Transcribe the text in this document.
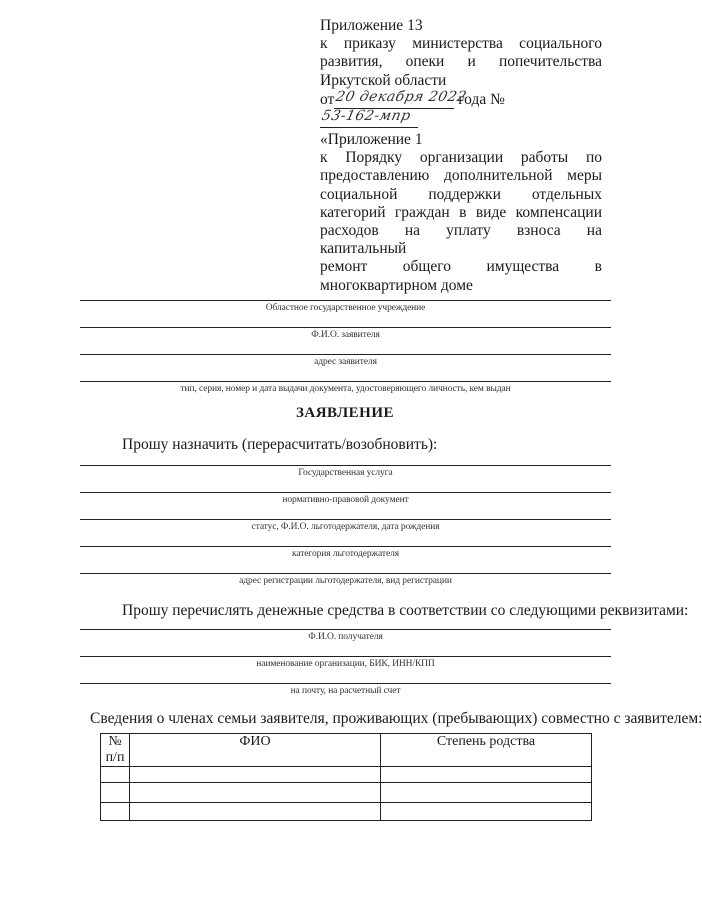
Приложение 13
к приказу министерства социального
развития, опеки и попечительства
Иркутской области
от 20 декабря 2022
года №
53-162-мпр
«Приложение 1
к Порядку организации работы по
предоставлению дополнительной меры
социальной поддержки отдельных
категорий граждан в виде компенсации
расходов на уплату взноса на капитальный
ремонт общего имущества в
многоквартирном доме
Областное государственное учреждение
Ф.И.О. заявителя
адрес заявителя
тип, серия, номер и дата выдачи документа, удостоверяющего личность, кем выдан
ЗАЯВЛЕНИЕ
Прошу назначить (перерасчитать/возобновить):
Государственная услуга
нормативно-правовой документ
статус, Ф.И.О. льготодержателя, дата рождения
категория льготодержателя
адрес регистрации льготодержателя, вид регистрации
Прошу перечислять денежные средства в соответствии со следующими реквизитами:
Ф.И.О. получателя
наименование организации, БИК, ИНН/КПП
на почту, на расчетный счет
Сведения о членах семьи заявителя, проживающих (пребывающих) совместно с заявителем:
№
п/п	ФИО	Степень родства
